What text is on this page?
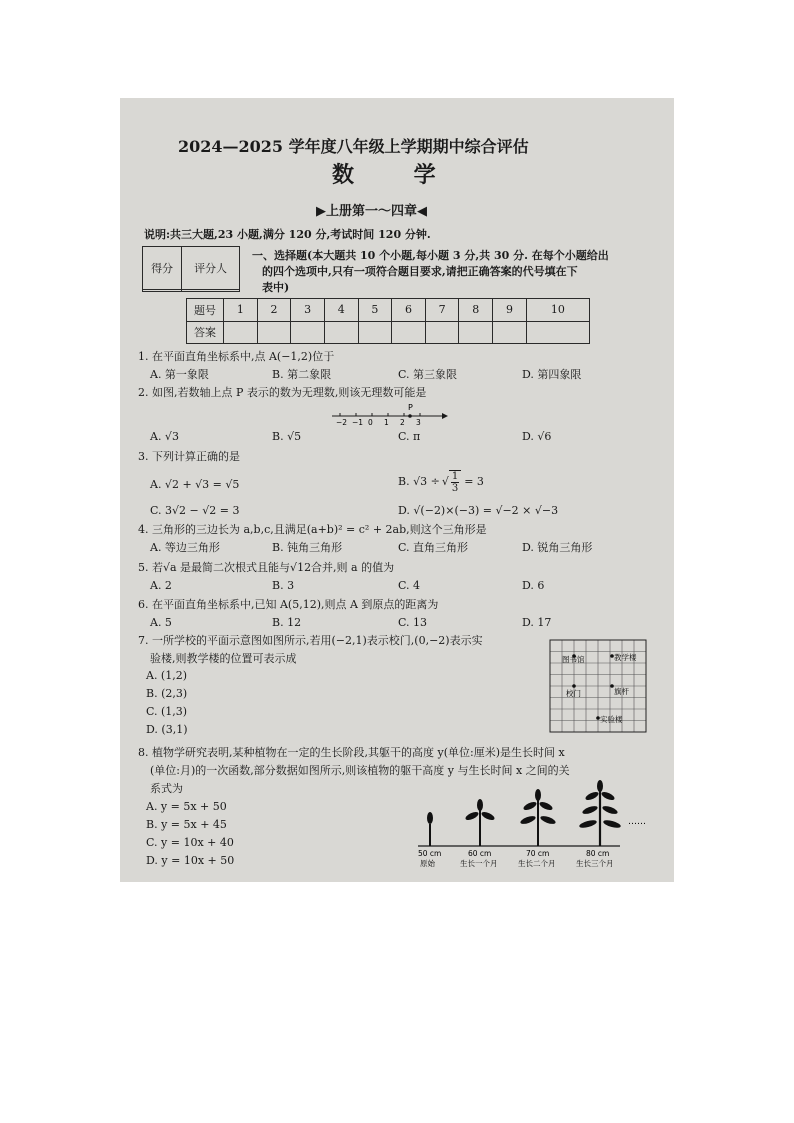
2024—2025 学年度八年级上学期期中综合评估
数 学
▶上册第一～四章◀
说明:共三大题,23 小题,满分 120 分,考试时间 120 分钟.
得分	评分人

一、选择题(本大题共 10 个小题,每小题 3 分,共 30 分. 在每个小题给出
的四个选项中,只有一项符合题目要求,请把正确答案的代号填在下
表中)
题号	1	2	3	4	5	6	7	8	9	10
答案										
1. 在平面直角坐标系中,点 A(−1,2)位于
A. 第一象限	B. 第二象限	C. 第三象限	D. 第四象限
2. 如图,若数轴上点 P 表示的数为无理数,则该无理数可能是
−2 −1 0 1 2 3
P
A. √3	B. √5	C. π	D. √6
3. 下列计算正确的是
A. √2 + √3 = √5	B. √3 ÷ √ $\frac{1}{3} = 3$
C. 3√2 − √2 = 3	D. √(−2)×(−3) = √−2 × √−3
4. 三角形的三边长为 a,b,c,且满足(a+b)² = c² + 2ab,则这个三角形是
A. 等边三角形	B. 钝角三角形	C. 直角三角形	D. 锐角三角形
5. 若√a 是最简二次根式且能与√12合并,则 a 的值为
A. 2	B. 3	C. 4	D. 6
6. 在平面直角坐标系中,已知 A(5,12),则点 A 到原点的距离为
A. 5	B. 12	C. 13	D. 17
7. 一所学校的平面示意图如图所示,若用(−2,1)表示校门,(0,−2)表示实
验楼,则教学楼的位置可表示成
A. (1,2)
B. (2,3)
C. (1,3)
D. (3,1)
图书馆	教学楼
校门	旗杆
实验楼
8. 植物学研究表明,某种植物在一定的生长阶段,其躯干的高度 y(单位:厘米)是生长时间 x
(单位:月)的一次函数,部分数据如图所示,则该植物的躯干高度 y 与生长时间 x 之间的关
系式为
A. y = 5x + 50
B. y = 5x + 45
C. y = 10x + 40
D. y = 10x + 50
……
50 cm
原始
60 cm
生长一个月
70 cm
生长二个月
80 cm
生长三个月
